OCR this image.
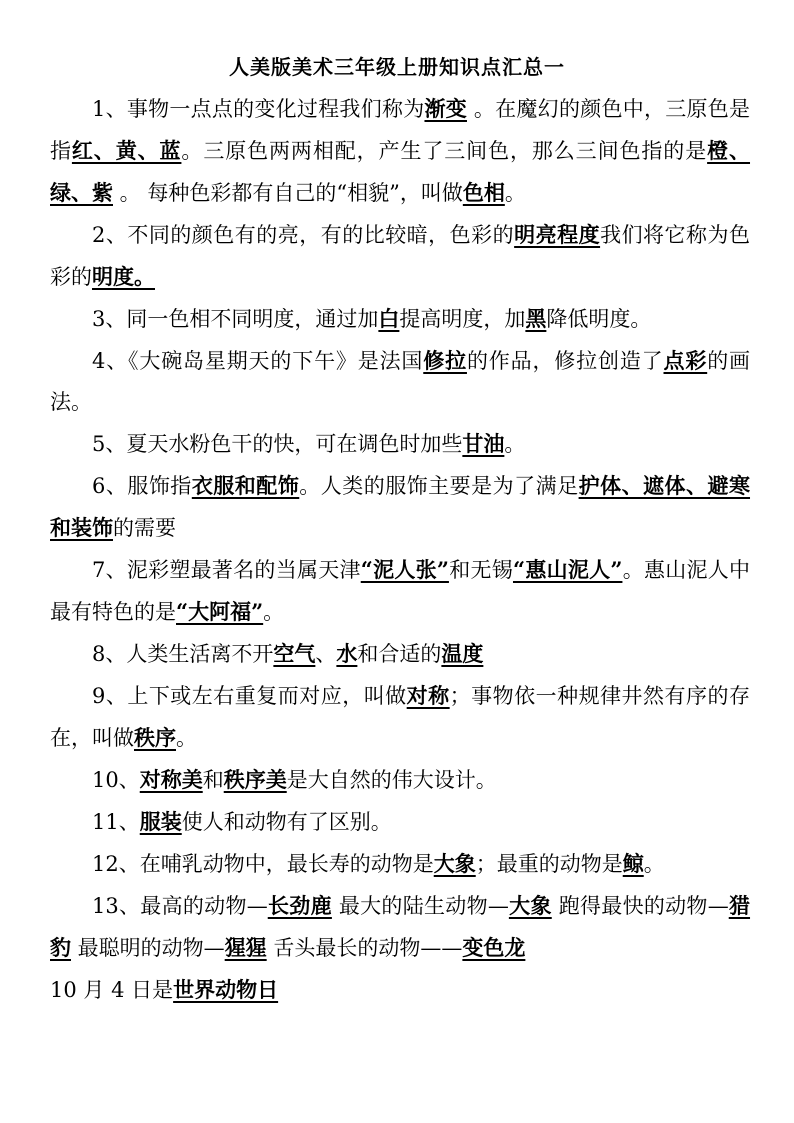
人美版美术三年级上册知识点汇总一

1、事物一点点的变化过程我们称为渐变 。在魔幻的颜色中，三原色是指红、黄、蓝。三原色两两相配，产生了三间色，那么三间色指的是橙、绿、紫 。 每种色彩都有自己的“相貌”，叫做色相。

2、不同的颜色有的亮，有的比较暗，色彩的明亮程度我们将它称为色彩的明度。

3、同一色相不同明度，通过加白提高明度，加黑降低明度。

4、《大碗岛星期天的下午》是法国修拉的作品，修拉创造了点彩的画法。

5、夏天水粉色干的快，可在调色时加些甘油。

6、服饰指衣服和配饰。人类的服饰主要是为了满足护体、遮体、避寒和装饰的需要

7、泥彩塑最著名的当属天津“泥人张”和无锡“惠山泥人”。惠山泥人中最有特色的是“大阿福”。

8、人类生活离不开空气、水和合适的温度

9、上下或左右重复而对应，叫做对称；事物依一种规律井然有序的存在，叫做秩序。

10、对称美和秩序美是大自然的伟大设计。

11、服装使人和动物有了区别。

12、在哺乳动物中，最长寿的动物是大象；最重的动物是鲸。

13、最高的动物—长劲鹿 最大的陆生动物—大象 跑得最快的动物—猎豹 最聪明的动物—猩猩 舌头最长的动物——变色龙

10 月 4 日是世界动物日
